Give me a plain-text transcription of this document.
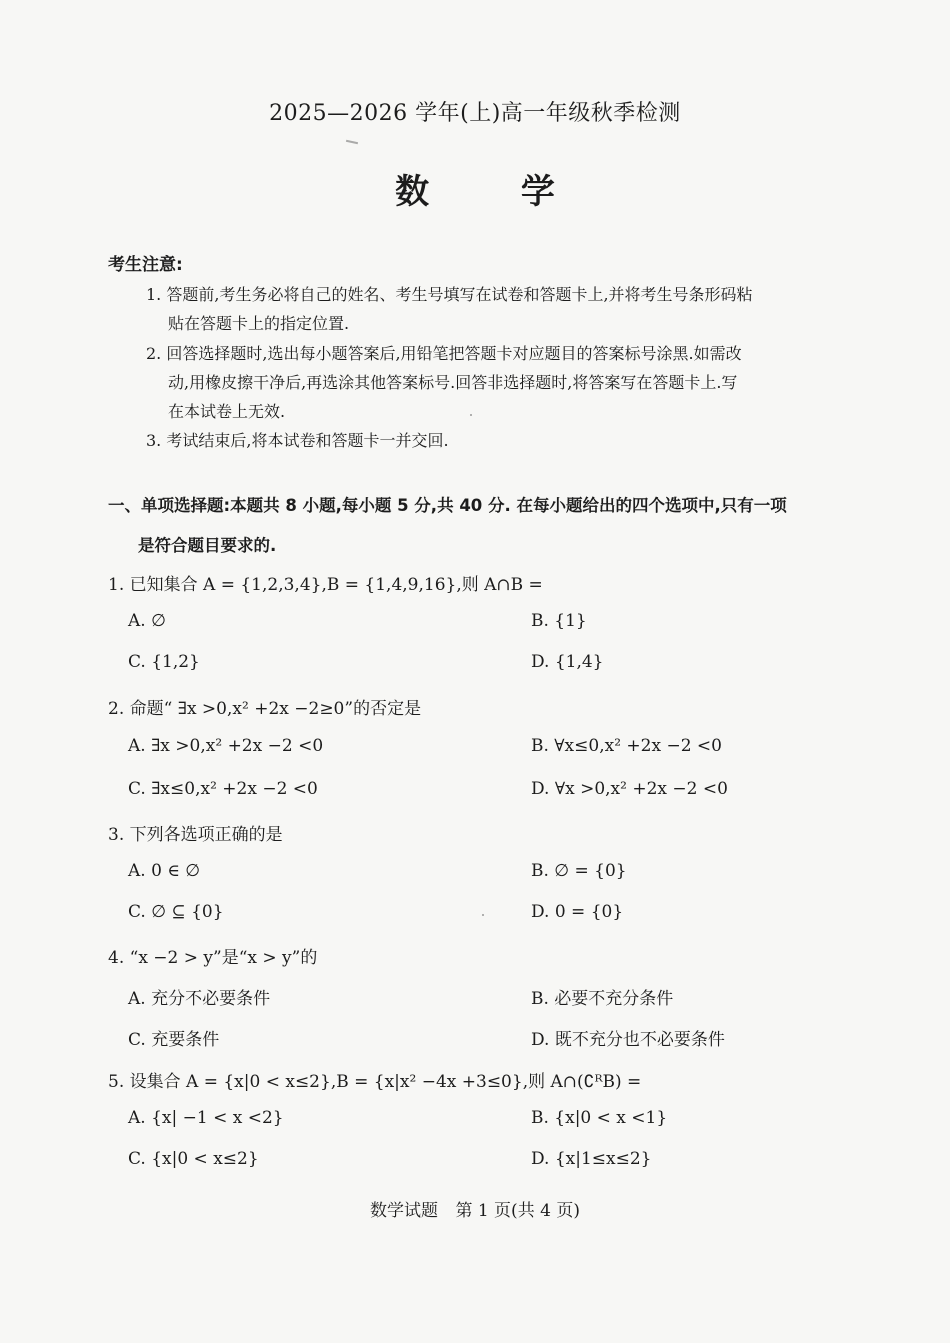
2025—2026 学年(上)高一年级秋季检测
数 学
考生注意:
1. 答题前,考生务必将自己的姓名、考生号填写在试卷和答题卡上,并将考生号条形码粘
贴在答题卡上的指定位置.
2. 回答选择题时,选出每小题答案后,用铅笔把答题卡对应题目的答案标号涂黑.如需改
动,用橡皮擦干净后,再选涂其他答案标号.回答非选择题时,将答案写在答题卡上.写
在本试卷上无效.
3. 考试结束后,将本试卷和答题卡一并交回.
一、单项选择题:本题共 8 小题,每小题 5 分,共 40 分. 在每小题给出的四个选项中,只有一项
是符合题目要求的.
1. 已知集合 A = {1,2,3,4},B = {1,4,9,16},则 A∩B =
A. ∅	B. {1}
C. {1,2}	D. {1,4}
2. 命题“ ∃x >0,x² +2x −2≥0”的否定是
A. ∃x >0,x² +2x −2 <0	B. ∀x≤0,x² +2x −2 <0
C. ∃x≤0,x² +2x −2 <0	D. ∀x >0,x² +2x −2 <0
3. 下列各选项正确的是
A. 0 ∈ ∅	B. ∅ = {0}
C. ∅ ⊆ {0}	D. 0 = {0}
4. “x −2 > y”是“x > y”的
A. 充分不必要条件	B. 必要不充分条件
C. 充要条件	D. 既不充分也不必要条件
5. 设集合 A = {x|0 < x≤2},B = {x|x² −4x +3≤0},则 A∩(∁ᴿB) =
A. {x| −1 < x <2}	B. {x|0 < x <1}
C. {x|0 < x≤2}	D. {x|1≤x≤2}
数学试题 第 1 页(共 4 页)
